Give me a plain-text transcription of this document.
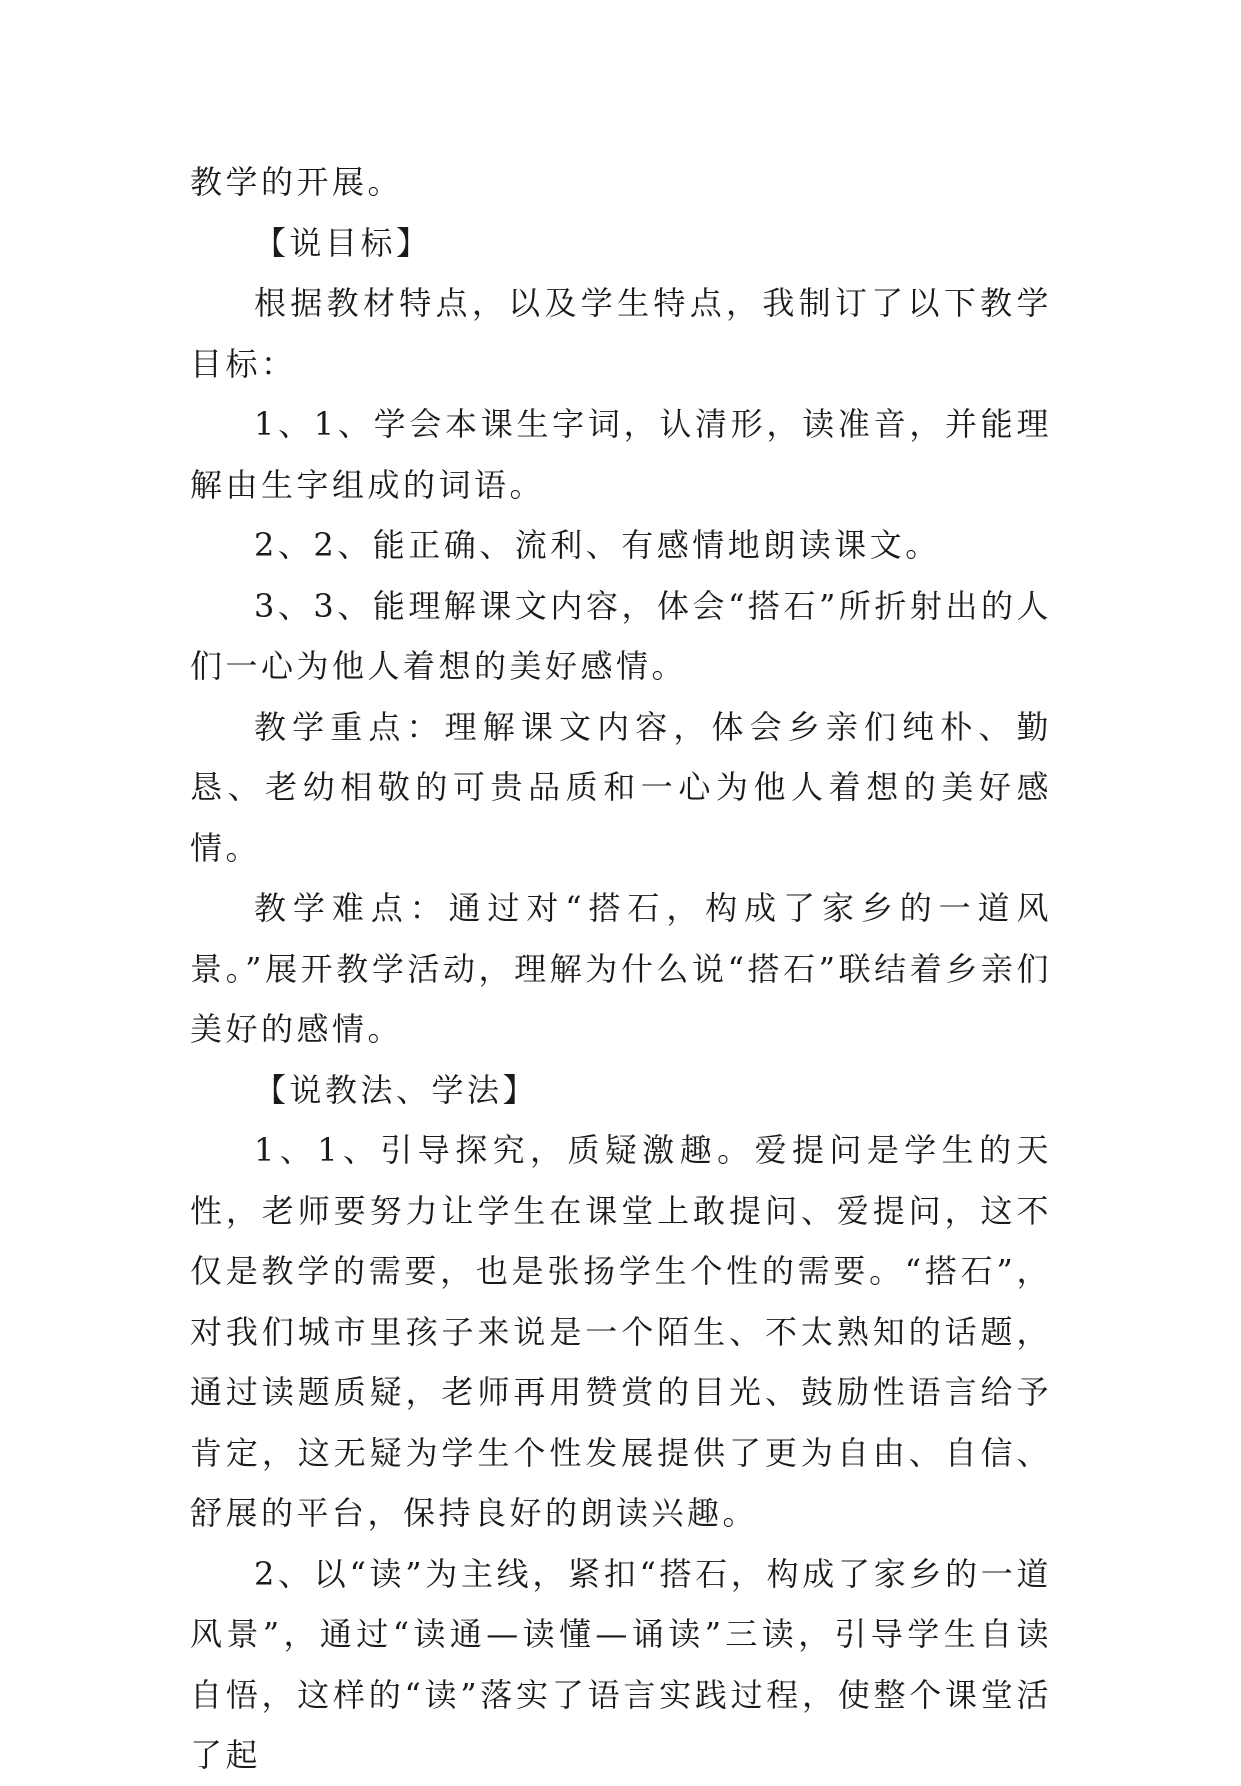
教学的开展。

【说目标】

根据教材特点，以及学生特点，我制订了以下教学目标：

1、1、学会本课生字词，认清形，读准音，并能理解由生字组成的词语。

2、2、能正确、流利、有感情地朗读课文。

3、3、能理解课文内容，体会“搭石”所折射出的人们一心为他人着想的美好感情。

教学重点：理解课文内容，体会乡亲们纯朴、勤恳、老幼相敬的可贵品质和一心为他人着想的美好感情。

教学难点：通过对“搭石，构成了家乡的一道风景。”展开教学活动，理解为什么说“搭石”联结着乡亲们美好的感情。

【说教法、学法】

1、1、引导探究，质疑激趣。爱提问是学生的天性，老师要努力让学生在课堂上敢提问、爱提问，这不仅是教学的需要，也是张扬学生个性的需要。“搭石”，对我们城市里孩子来说是一个陌生、不太熟知的话题，通过读题质疑，老师再用赞赏的目光、鼓励性语言给予肯定，这无疑为学生个性发展提供了更为自由、自信、舒展的平台，保持良好的朗读兴趣。

2、以“读”为主线，紧扣“搭石，构成了家乡的一道风景”，通过“读通—读懂—诵读”三读，引导学生自读自悟，这样的“读”落实了语言实践过程，使整个课堂活了起
